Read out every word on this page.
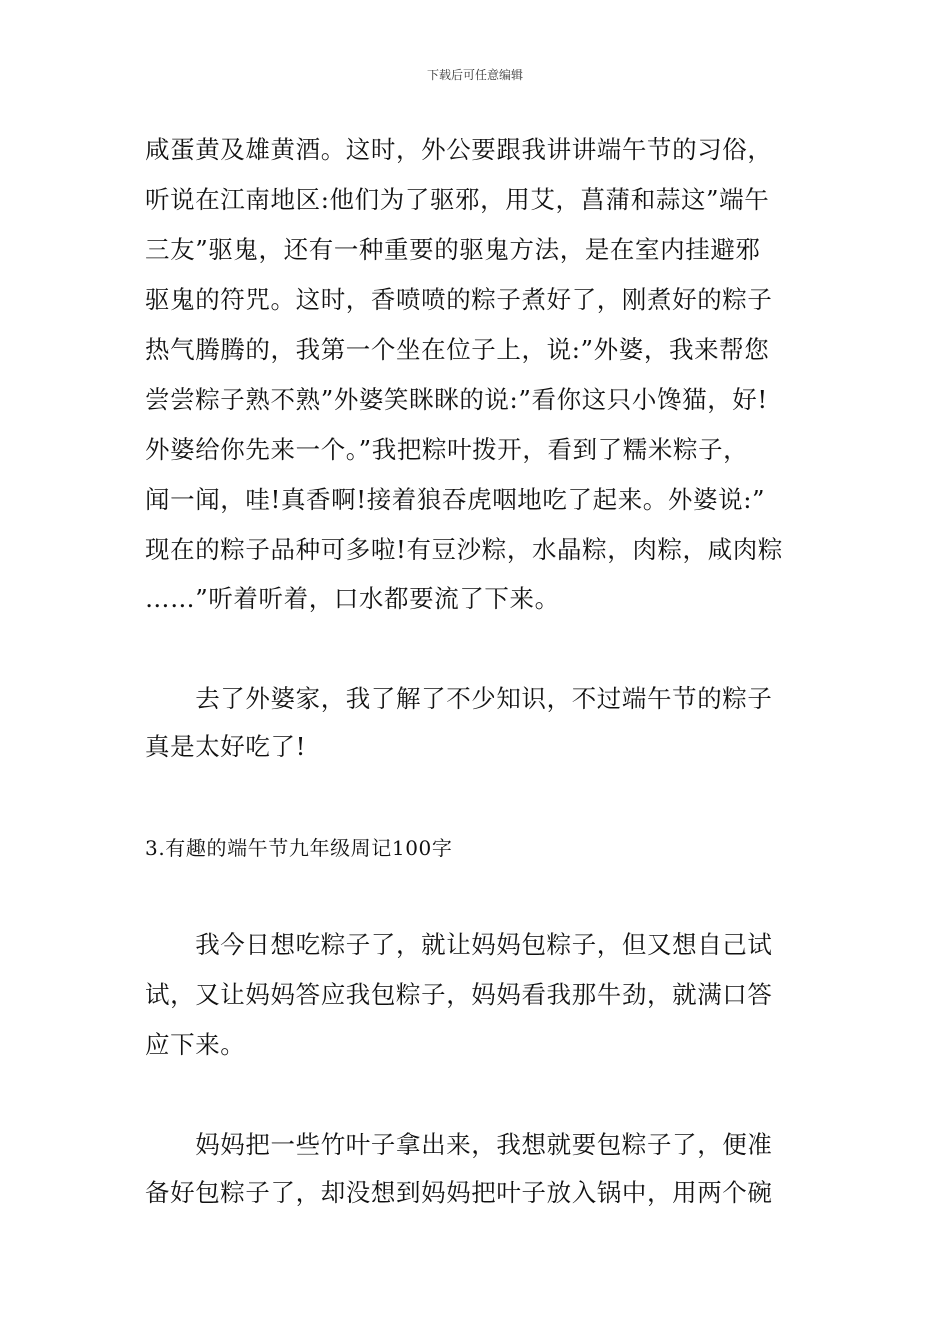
下载后可任意编辑
咸蛋黄及雄黄酒。这时，外公要跟我讲讲端午节的习俗，
听说在江南地区:他们为了驱邪，用艾，菖蒲和蒜这”端午
三友”驱鬼，还有一种重要的驱鬼方法，是在室内挂避邪
驱鬼的符咒。这时，香喷喷的粽子煮好了，刚煮好的粽子
热气腾腾的，我第一个坐在位子上，说:”外婆，我来帮您
尝尝粽子熟不熟”外婆笑眯眯的说:”看你这只小馋猫，好!
外婆给你先来一个。”我把粽叶拨开，看到了糯米粽子，
闻一闻，哇!真香啊!接着狼吞虎咽地吃了起来。外婆说:”
现在的粽子品种可多啦!有豆沙粽，水晶粽，肉粽，咸肉粽
……”听着听着，口水都要流了下来。
　　去了外婆家，我了解了不少知识，不过端午节的粽子
真是太好吃了!
3.有趣的端午节九年级周记100字
　　我今日想吃粽子了，就让妈妈包粽子，但又想自己试
试，又让妈妈答应我包粽子，妈妈看我那牛劲，就满口答
应下来。
　　妈妈把一些竹叶子拿出来，我想就要包粽子了，便准
备好包粽子了，却没想到妈妈把叶子放入锅中，用两个碗
